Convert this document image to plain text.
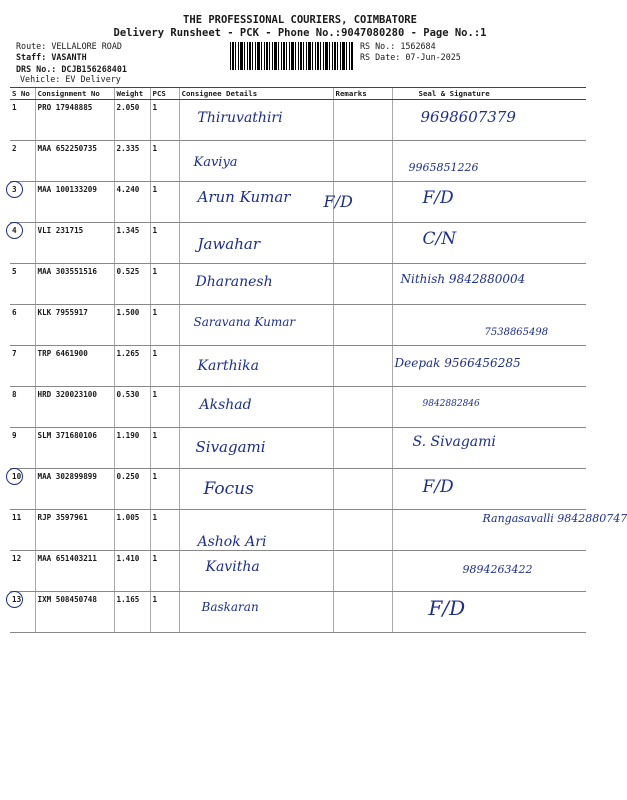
THE PROFESSIONAL COURIERS, COIMBATORE
Delivery Runsheet - PCK - Phone No.:9047080280 - Page No.:1
Route: VELLALORE ROAD
Staff: VASANTH
DRS No.: DCJB156268401
Vehicle: EV Delivery
RS No.: 1562684
RS Date: 07-Jun-2025
S No	Consignment No	Weight	PCS	Consignee Details	Remarks	Seal & Signature
1	PRO 17948885	2.050	1	Thiruvathiri		9698607379

2	MAA 652250735	2.335	1	Kaviya		9965851226

3	MAA 100133209	4.240	1	Arun Kumar	F/D	F/D

4	VLI 231715	1.345	1	Jawahar		C/N

5	MAA 303551516	0.525	1	Dharanesh		Nithish 9842880004

6	KLK 7955917	1.500	1	Saravana Kumar		7538865498

7	TRP 6461900	1.265	1	Karthika		Deepak 9566456285

8	HRD 320023100	0.530	1	Akshad		9842882846

9	SLM 371680106	1.190	1	Sivagami		S. Sivagami

10	MAA 302899899	0.250	1	Focus		F/D

11	RJP 3597961	1.005	1	Ashok Ari		Rangasavalli 9842880747

12	MAA 651403211	1.410	1	Kavitha		9894263422

13	IXM 508450748	1.165	1	Baskaran		F/D
